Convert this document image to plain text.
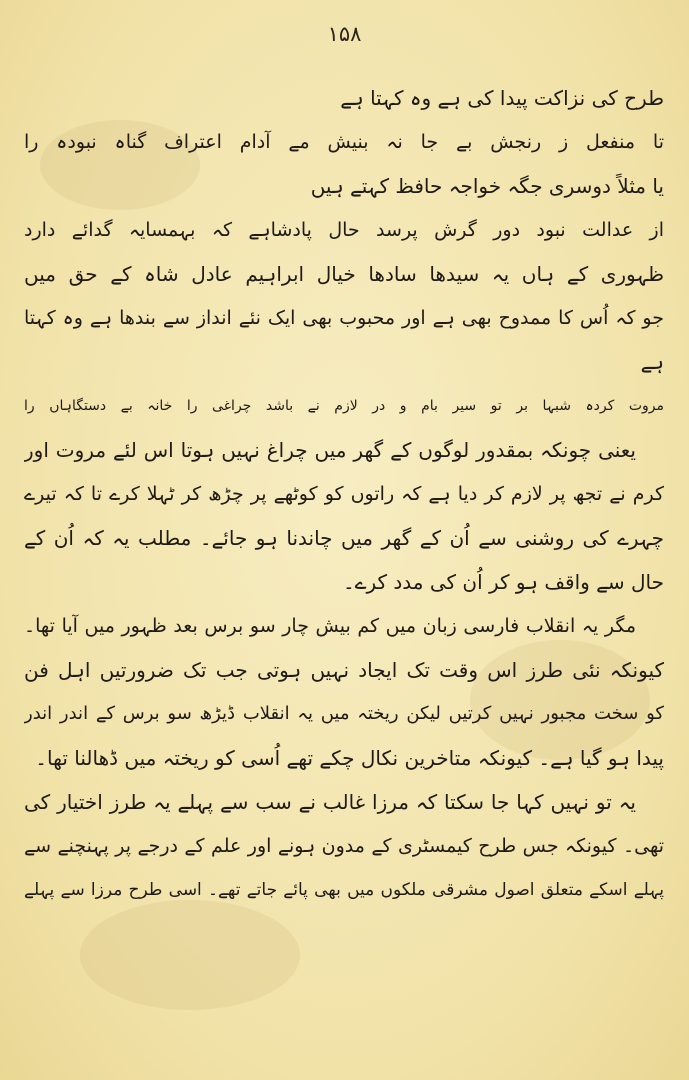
۱۵۸
طرح کی نزاکت پیدا کی ہے وہ کہتا ہے
تا منفعل ز رنجش بے جا نہ بنیش مے آدام اعتراف گناہ نبودہ را
یا مثلاً دوسری جگہ خواجہ حافظ کہتے ہیں
از عدالت نبود دور گرش پرسد حال پادشاہے کہ بہمسایہ گدائے دارد
ظہوری کے ہاں یہ سیدھا سادھا خیال ابراہیم عادل شاہ کے حق میں
جو کہ اُس کا ممدوح بھی ہے اور محبوب بھی ایک نئے انداز سے بندھا ہے وہ کہتا
ہے
مروت کردہ شبہا بر تو سیر بام و در لازم نے باشد چراغی را خانہ بے دستگاہاں را
یعنی چونکہ بمقدور لوگوں کے گھر میں چراغ نہیں ہوتا اس لئے مروت اور
کرم نے تجھ پر لازم کر دیا ہے کہ راتوں کو کوٹھے پر چڑھ کر ٹہلا کرے تا کہ تیرے
چہرے کی روشنی سے اُن کے گھر میں چاندنا ہو جائے۔ مطلب یہ کہ اُن کے
حال سے واقف ہو کر اُن کی مدد کرے۔
مگر یہ انقلاب فارسی زبان میں کم بیش چار سو برس بعد ظہور میں آیا تھا۔
کیونکہ نئی طرز اس وقت تک ایجاد نہیں ہوتی جب تک ضرورتیں اہل فن
کو سخت مجبور نہیں کرتیں لیکن ریختہ میں یہ انقلاب ڈیڑھ سو برس کے اندر اندر
پیدا ہو گیا ہے۔ کیونکہ متاخرین نکال چکے تھے اُسی کو ریختہ میں ڈھالنا تھا۔
یہ تو نہیں کہا جا سکتا کہ مرزا غالب نے سب سے پہلے یہ طرز اختیار کی
تھی۔ کیونکہ جس طرح کیمسٹری کے مدون ہونے اور علم کے درجے پر پہنچنے سے
پہلے اسکے متعلق اصول مشرقی ملکوں میں بھی پائے جاتے تھے۔ اسی طرح مرزا سے پہلے
